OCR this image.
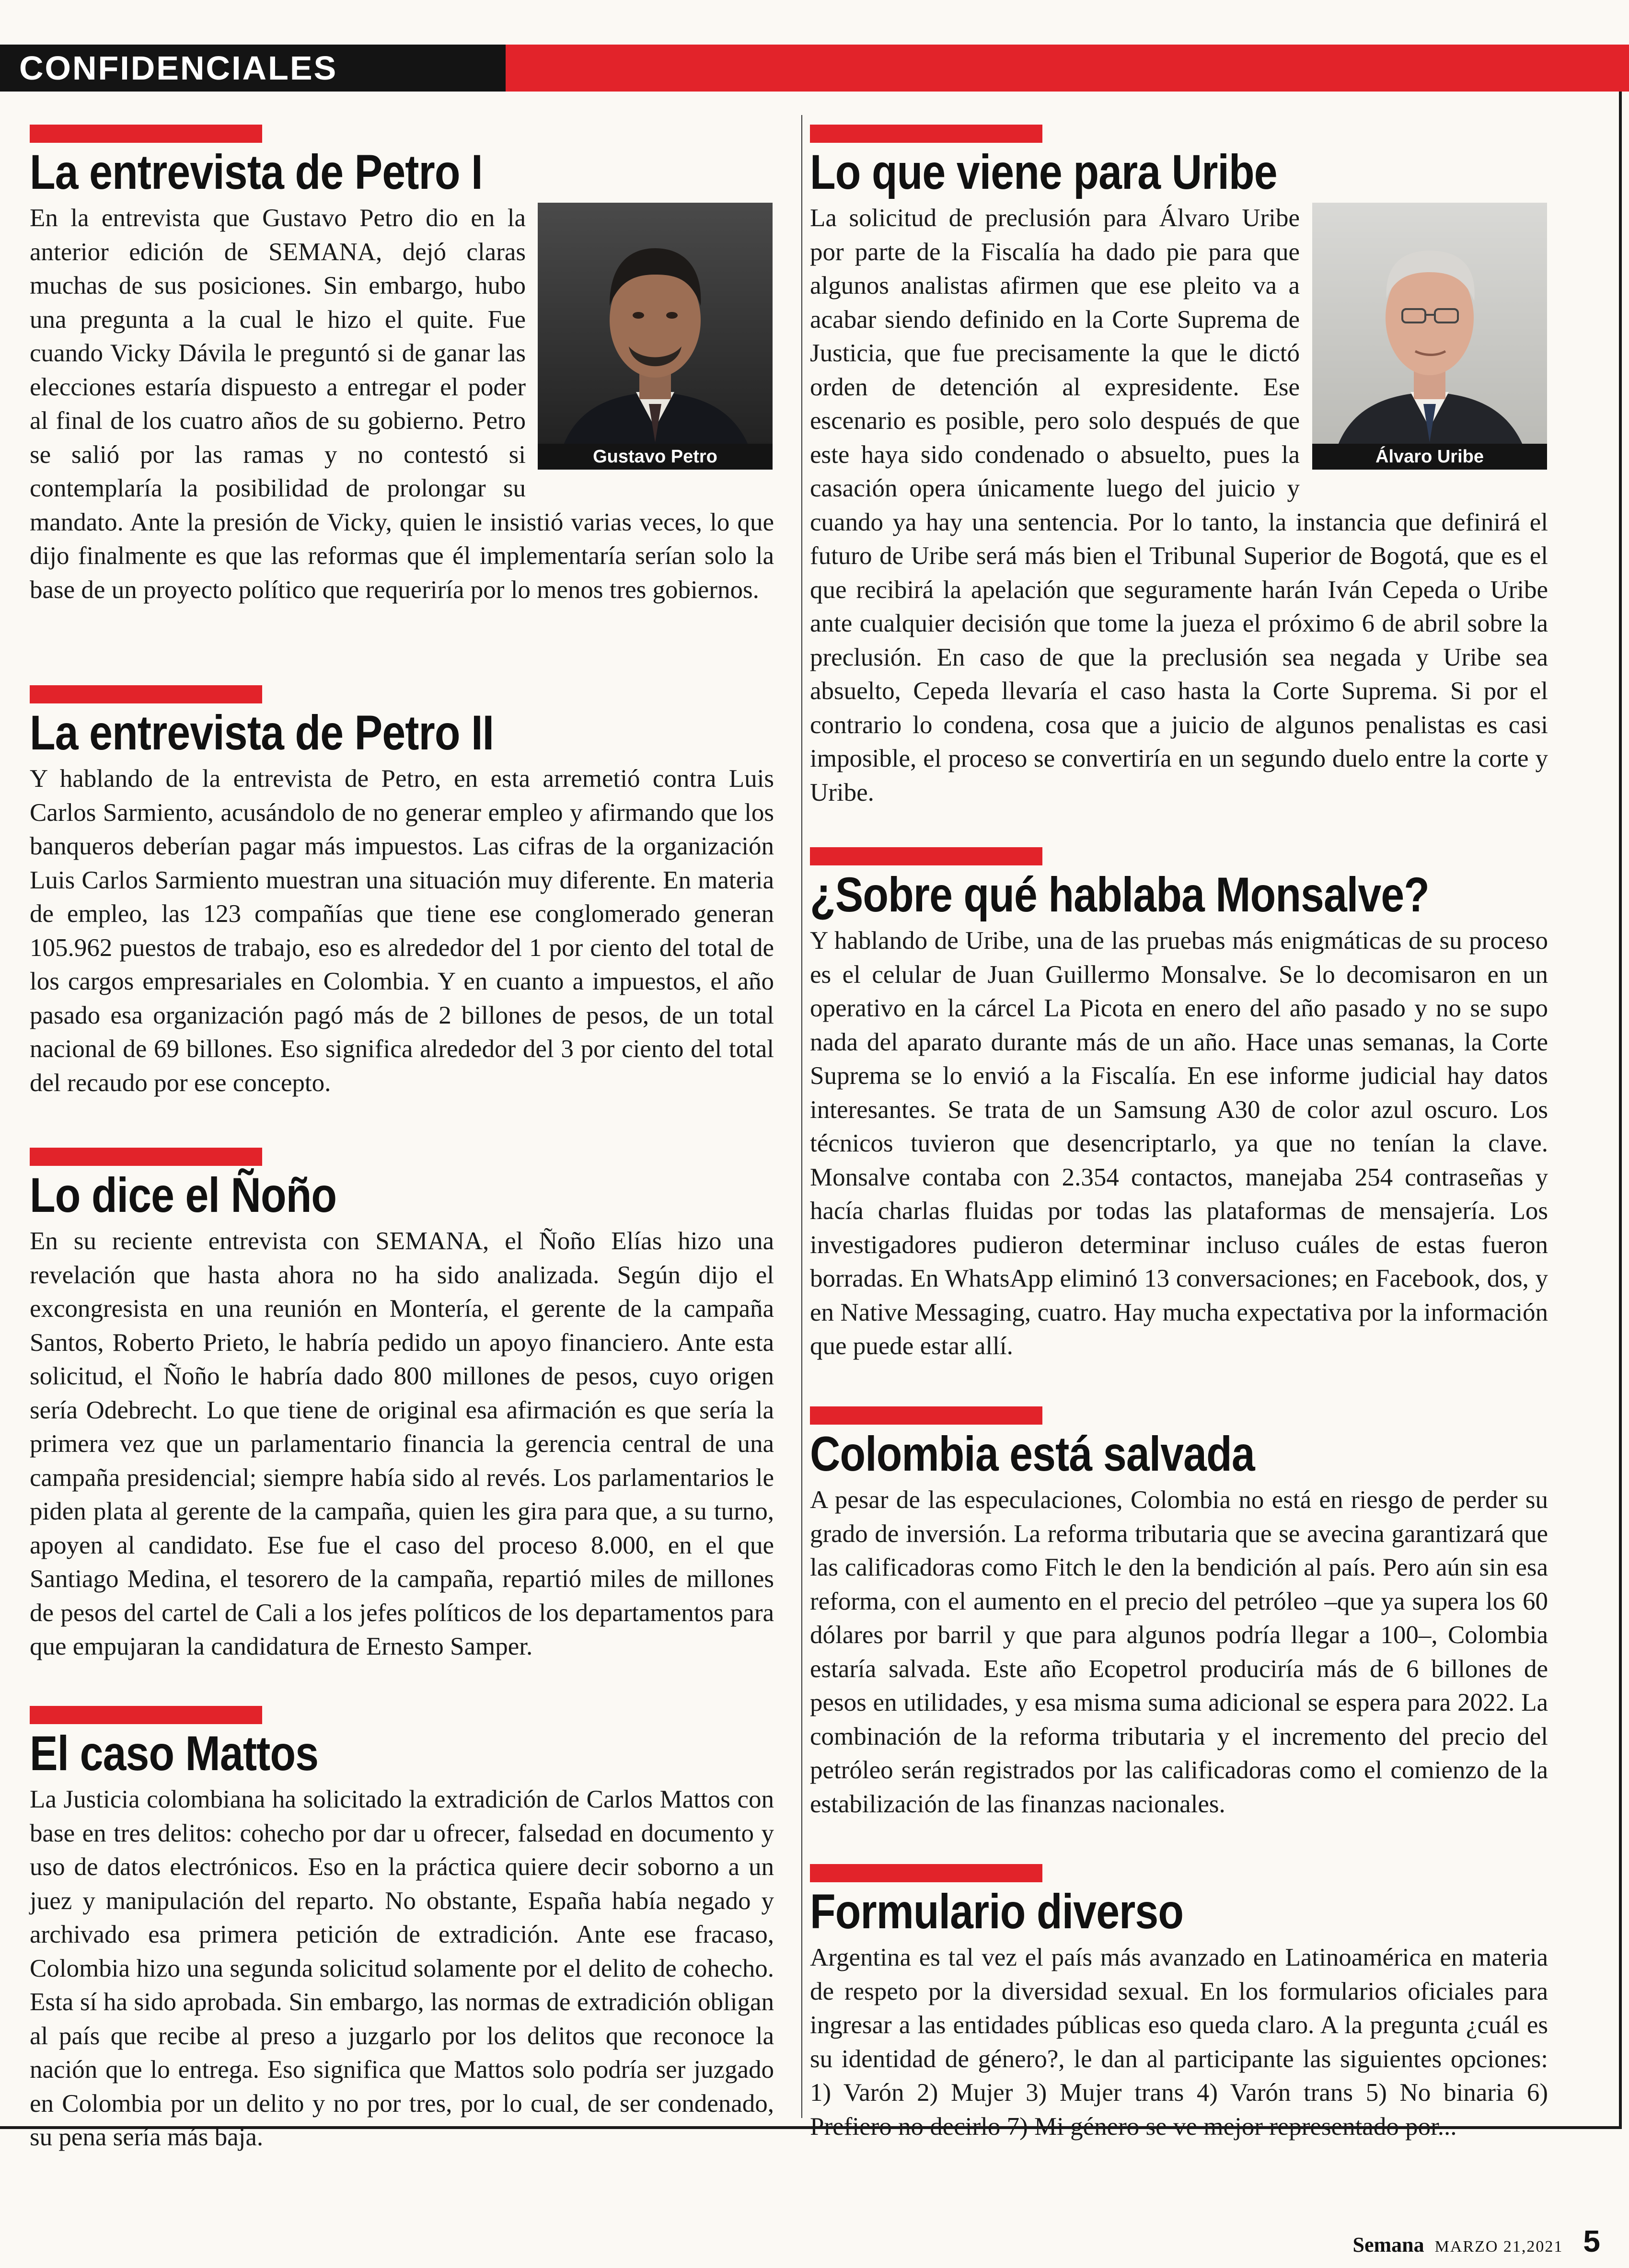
CONFIDENCIALES
La entrevista de Petro I
Gustavo Petro

En la entrevista que Gustavo Petro dio en la anterior edición de SEMANA, dejó claras muchas de sus posiciones. Sin embargo, hubo una pregunta a la cual le hizo el quite. Fue cuando Vicky Dávila le preguntó si de ganar las elecciones estaría dispuesto a entregar el poder al final de los cuatro años de su gobierno. Petro se salió por las ramas y no contestó si contemplaría la posibilidad de prolongar su mandato. Ante la presión de Vicky, quien le insistió varias veces, lo que dijo finalmente es que las reformas que él implementaría serían solo la base de un proyecto político que requeriría por lo menos tres gobiernos.

La entrevista de Petro II

Y hablando de la entrevista de Petro, en esta arremetió contra Luis Carlos Sarmiento, acusándolo de no generar empleo y afirmando que los banqueros deberían pagar más impuestos. Las cifras de la organización Luis Carlos Sarmiento muestran una situación muy diferente. En materia de empleo, las 123 compañías que tiene ese conglomerado generan 105.962 puestos de trabajo, eso es alrededor del 1 por ciento del total de los cargos empresariales en Colombia. Y en cuanto a impuestos, el año pasado esa organización pagó más de 2 billones de pesos, de un total nacional de 69 billones. Eso significa alrededor del 3 por ciento del total del recaudo por ese concepto.

Lo dice el Ñoño

En su reciente entrevista con SEMANA, el Ñoño Elías hizo una revelación que hasta ahora no ha sido analizada. Según dijo el excongresista en una reunión en Montería, el gerente de la campaña Santos, Roberto Prieto, le habría pedido un apoyo financiero. Ante esta solicitud, el Ñoño le habría dado 800 millones de pesos, cuyo origen sería Odebrecht. Lo que tiene de original esa afirmación es que sería la primera vez que un parlamentario financia la gerencia central de una campaña presidencial; siempre había sido al revés. Los parlamentarios le piden plata al gerente de la campaña, quien les gira para que, a su turno, apoyen al candidato. Ese fue el caso del proceso 8.000, en el que Santiago Medina, el tesorero de la campaña, repartió miles de millones de pesos del cartel de Cali a los jefes políticos de los departamentos para que empujaran la candidatura de Ernesto Samper.

El caso Mattos

La Justicia colombiana ha solicitado la extradición de Carlos Mattos con base en tres delitos: cohecho por dar u ofrecer, falsedad en documento y uso de datos electrónicos. Eso en la práctica quiere decir soborno a un juez y manipulación del reparto. No obstante, España había negado y archivado esa primera petición de extradición. Ante ese fracaso, Colombia hizo una segunda solicitud solamente por el delito de cohecho. Esta sí ha sido aprobada. Sin embargo, las normas de extradición obligan al país que recibe al preso a juzgarlo por los delitos que reconoce la nación que lo entrega. Eso significa que Mattos solo podría ser juzgado en Colombia por un delito y no por tres, por lo cual, de ser condenado, su pena sería más baja.

Lo que viene para Uribe
Álvaro Uribe

La solicitud de preclusión para Álvaro Uribe por parte de la Fiscalía ha dado pie para que algunos analistas afirmen que ese pleito va a acabar siendo definido en la Corte Suprema de Justicia, que fue precisamente la que le dictó orden de detención al expresidente. Ese escenario es posible, pero solo después de que este haya sido condenado o absuelto, pues la casación opera únicamente luego del juicio y cuando ya hay una sentencia. Por lo tanto, la instancia que definirá el futuro de Uribe será más bien el Tribunal Superior de Bogotá, que es el que recibirá la apelación que seguramente harán Iván Cepeda o Uribe ante cualquier decisión que tome la jueza el próximo 6 de abril sobre la preclusión. En caso de que la preclusión sea negada y Uribe sea absuelto, Cepeda llevaría el caso hasta la Corte Suprema. Si por el contrario lo condena, cosa que a juicio de algunos penalistas es casi imposible, el proceso se convertiría en un segundo duelo entre la corte y Uribe.

¿Sobre qué hablaba Monsalve?

Y hablando de Uribe, una de las pruebas más enigmáticas de su proceso es el celular de Juan Guillermo Monsalve. Se lo decomisaron en un operativo en la cárcel La Picota en enero del año pasado y no se supo nada del aparato durante más de un año. Hace unas semanas, la Corte Suprema se lo envió a la Fiscalía. En ese informe judicial hay datos interesantes. Se trata de un Samsung A30 de color azul oscuro. Los técnicos tuvieron que desencriptarlo, ya que no tenían la clave. Monsalve contaba con 2.354 contactos, manejaba 254 contraseñas y hacía charlas fluidas por todas las plataformas de mensajería. Los investigadores pudieron determinar incluso cuáles de estas fueron borradas. En WhatsApp eliminó 13 conversaciones; en Facebook, dos, y en Native Messaging, cuatro. Hay mucha expectativa por la información que puede estar allí.

Colombia está salvada

A pesar de las especulaciones, Colombia no está en riesgo de perder su grado de inversión. La reforma tributaria que se avecina garantizará que las calificadoras como Fitch le den la bendición al país. Pero aún sin esa reforma, con el aumento en el precio del petróleo –que ya supera los 60 dólares por barril y que para algunos podría llegar a 100–, Colombia estaría salvada. Este año Ecopetrol produciría más de 6 billones de pesos en utilidades, y esa misma suma adicional se espera para 2022. La combinación de la reforma tributaria y el incremento del precio del petróleo serán registrados por las calificadoras como el comienzo de la estabilización de las finanzas nacionales.

Formulario diverso

Argentina es tal vez el país más avanzado en Latinoamérica en materia de respeto por la diversidad sexual. En los formularios oficiales para ingresar a las entidades públicas eso queda claro. A la pregunta ¿cuál es su identidad de género?, le dan al participante las siguientes opciones: 1) Varón 2) Mujer 3) Mujer trans 4) Varón trans 5) No binaria 6) Prefiero no decirlo 7) Mi género se ve mejor representado por...

Semana MARZO 21,2021 5
